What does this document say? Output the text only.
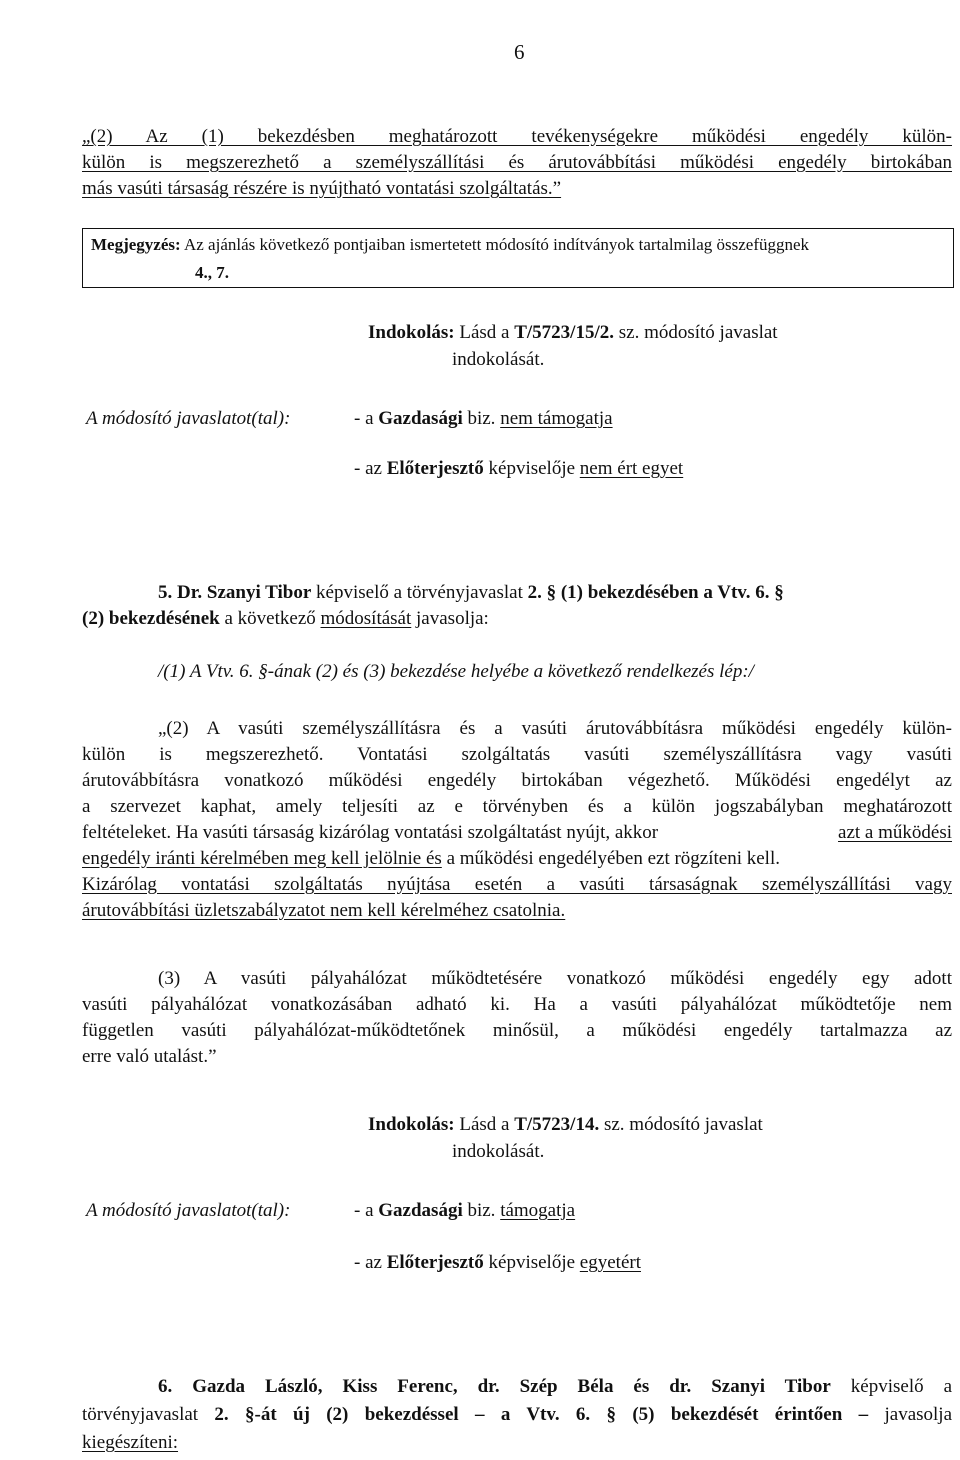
6
„(2) Az (1) bekezdésben meghatározott tevékenységekre működési engedély külön-
külön is megszerezhető a személyszállítási és árutovábbítási működési engedély birtokában
más vasúti társaság részére is nyújtható vontatási szolgáltatás.”
Megjegyzés: Az ajánlás következő pontjaiban ismertetett módosító indítványok tartalmilag összefüggnek
4., 7.
Indokolás: Lásd a T/5723/15/2. sz. módosító javaslat
indokolását.
A módosító javaslatot(tal):	- a Gazdasági biz. nem támogatja
- az Előterjesztő képviselője nem ért egyet
5. Dr. Szanyi Tibor képviselő a törvényjavaslat 2. § (1) bekezdésében a Vtv. 6. §
(2) bekezdésének a következő módosítását javasolja:
/(1) A Vtv. 6. §-ának (2) és (3) bekezdése helyébe a következő rendelkezés lép:/
„(2) A vasúti személyszállításra és a vasúti árutovábbításra működési engedély külön-
külön is megszerezhető. Vontatási szolgáltatás vasúti személyszállításra vagy vasúti
árutovábbításra vonatkozó működési engedély birtokában végezhető. Működési engedélyt az
a szervezet kaphat, amely teljesíti az e törvényben és a külön jogszabályban meghatározott
feltételeket. Ha vasúti társaság kizárólag vontatási szolgáltatást nyújt, akkor	azt a működési
engedély iránti kérelmében meg kell jelölnie és a működési engedélyében ezt rögzíteni kell.
Kizárólag vontatási szolgáltatás nyújtása esetén a vasúti társaságnak személyszállítási vagy
árutovábbítási üzletszabályzatot nem kell kérelméhez csatolnia.
(3) A vasúti pályahálózat működtetésére vonatkozó működési engedély egy adott
vasúti pályahálózat vonatkozásában adható ki. Ha a vasúti pályahálózat működtetője nem
független vasúti pályahálózat-működtetőnek minősül, a működési engedély tartalmazza az
erre való utalást.”
Indokolás: Lásd a T/5723/14. sz. módosító javaslat
indokolását.
A módosító javaslatot(tal):	- a Gazdasági biz. támogatja
- az Előterjesztő képviselője egyetért
6. Gazda László, Kiss Ferenc, dr. Szép Béla és dr. Szanyi Tibor képviselő a
törvényjavaslat 2. §-át új (2) bekezdéssel – a Vtv. 6. § (5) bekezdését érintően – javasolja
kiegészíteni:
